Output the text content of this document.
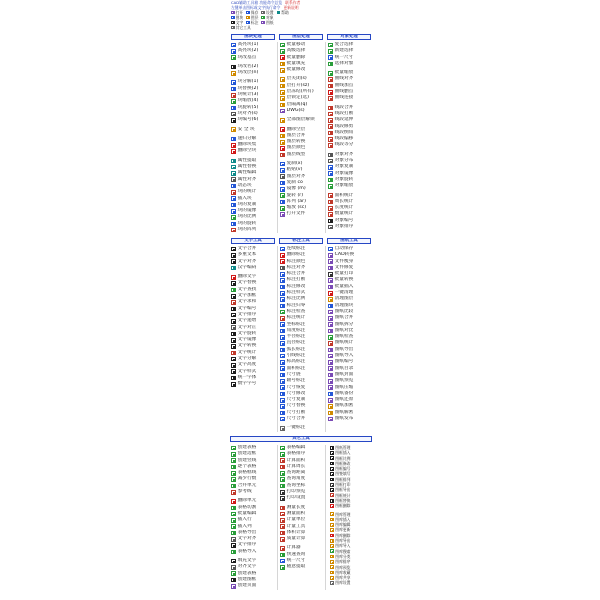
CAD辅助工具箱 功能命令总览 联系作者
左键单击图标或文字执行命令 更新说明
打开 保存 设置 帮助
图块 图层 对象
文字 标注 图纸
其它工具
图块处理	图层处理	对象处理
高亮块(1)
高亮块(2)
块改基点
块改名(2)
块改层(n)
块分解(1)
块替换(2)
块统计(3)
块缩放(4)
块旋转(5)
块对齐(s)
块编号(6)
安 全 块
递归分解
删除块集
删除空块
属性提取
属性替换
属性编辑
属性对齐
动态块
块的统计
插入块
块的复制
块的镜像
块的比例
块的旋转
块的阵列
批量移动
高级选择
批量删除
批量填充
批量修改
层关闭(s)
层打开(sz)
层冻结(所有)
层锁定(选)
层隔离(q)
DWG(s)
全部图层解锁
删除空层
图层合并
图层转换
图层颜色
图层线型
复制(x)
粘贴(v)
图层对齐
复制 co
镜像 (m)
旋转 (r)
阵列 (ar)
缩放 (sc)
打开文件
复合选择
新建选择
统一尺寸
选择对象
批量缩放
曲线对齐
曲线加点
曲线删点
曲线连接
线段合并
线段打断
线段延伸
线段修剪
线段倒角
线段偏移
线段等分
对象对齐
对象分布
对象复制
对象镜像
对象旋转
对象缩放
面积统计
周长统计
长度统计
数量统计
对象编号
对象排序
文字工具	标注工具	图纸工具
文字合并
多重文本
文字对齐
汉字编码
删除文字
文字替换
文字查找
文字加框
文字求和
文字编号
文字排序
文字递增
文字对正
文字旋转
文字镜像
文字转换
文字统计
文字分解
文字高度
文字样式
统一字体
数字字号
连续标注
删除标注
标注颜色
标注对齐
标注合并
标注打断
标注修改
标注样式
标注比例
标注归零
标注检查
标注统计
坐标标注
角度标注
半径标注
直径标注
弧长标注
引线标注
标高标注
面积标注
尺寸链
轴号标注
尺寸恢复
尺寸修改
尺寸复制
尺寸替换
尺寸打断
尺寸合并
一键标注
自动保存
CAD转换
文件瘦身
文件修复
批量打印
批量转换
批量插入
一键清理
清理图层
清理图块
图纸比较
图纸合并
图纸拆分
图纸对比
图纸检查
图纸统计
图纸导出
图纸导入
图纸编号
图纸目录
图纸封面
图纸预览
图纸压缩
图纸备份
图纸还原
图纸加密
图纸解密
图纸发布
其它工具
创建表格
创建边框
创建竖线
逐个表格
表格框线
减少行数
合并单元
参考线
删除单元
表格切割
批量编辑
插入行
插入列
表格导出
文字对齐
文字排序
表格导入
填充文字
对齐文字
创建表格
创建图框
创建页面
表格编辑
表格排序
计算面积
计算周长
查询距离
查询角度
查询坐标
打印预览
打印设置
测量长度
测量面积
计量单位
计量工具
体积计算
质量计算
计算器
快速查询
统一尺寸
随意提取
图纸管理
图框插入
图框比例
图框修改
图框编号
图签填写
图框排列
图框打印
图框导出
图框统计
图框替换
图框删除
图库管理
图库插入
图库编辑
图库更新
图库删除
图库导出
图库导入
图库搜索
图库分类
图库排序
图库预览
图库收藏
图库共享
图库设置
